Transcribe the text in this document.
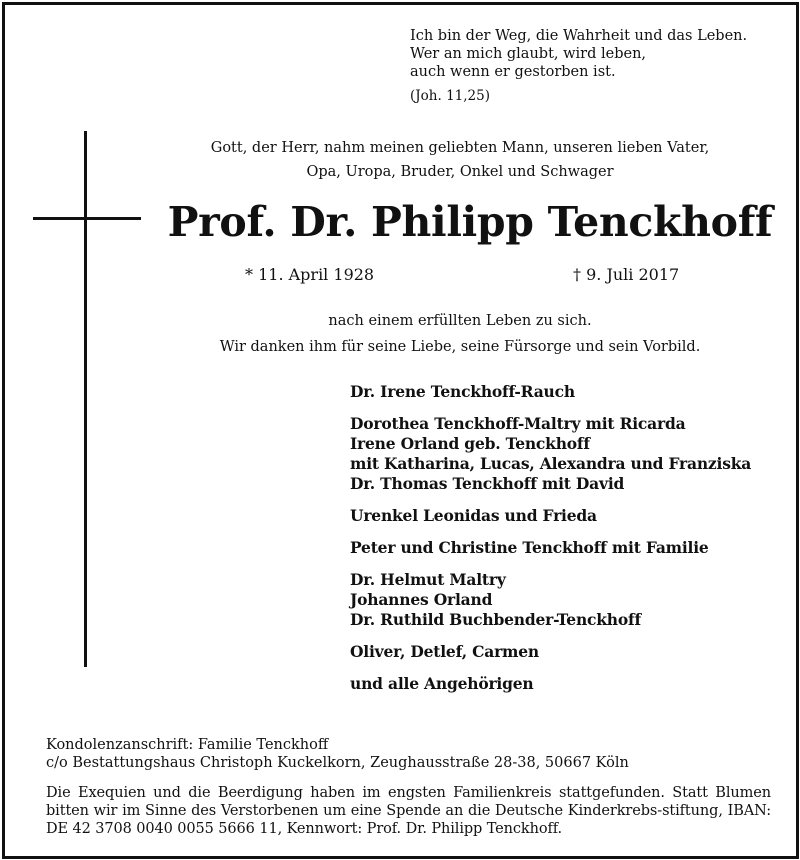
Ich bin der Weg, die Wahrheit und das Leben.
Wer an mich glaubt, wird leben,
auch wenn er gestorben ist.
(Joh. 11,25)
Gott, der Herr, nahm meinen geliebten Mann, unseren lieben Vater,
Opa, Uropa, Bruder, Onkel und Schwager
Prof. Dr. Philipp Tenckhoff
* 11. April 1928	† 9. Juli 2017
nach einem erfüllten Leben zu sich.
Wir danken ihm für seine Liebe, seine Fürsorge und sein Vorbild.
Dr. Irene Tenckhoff-Rauch
Dorothea Tenckhoff-Maltry mit Ricarda
Irene Orland geb. Tenckhoff
mit Katharina, Lucas, Alexandra und Franziska
Dr. Thomas Tenckhoff mit David
Urenkel Leonidas und Frieda
Peter und Christine Tenckhoff mit Familie
Dr. Helmut Maltry
Johannes Orland
Dr. Ruthild Buchbender-Tenckhoff
Oliver, Detlef, Carmen
und alle Angehörigen
Kondolenzanschrift: Familie Tenckhoff
c/o Bestattungshaus Christoph Kuckelkorn, Zeughausstraße 28-38, 50667 Köln
Die Exequien und die Beerdigung haben im engsten Familienkreis stattgefunden. Statt Blumen bitten wir im Sinne des Verstorbenen um eine Spende an die Deutsche Kinderkrebs-stiftung, IBAN: DE 42 3708 0040 0055 5666 11, Kennwort: Prof. Dr. Philipp Tenckhoff.
